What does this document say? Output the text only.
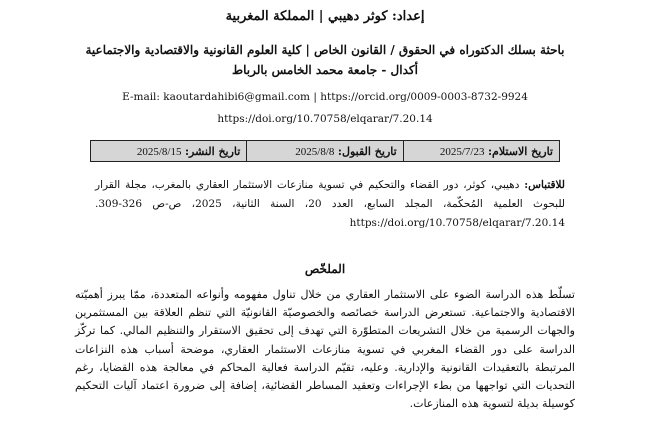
إعداد: كوثر دهيبي | المملكة المغربية
باحثة بسلك الدكتوراه في الحقوق / القانون الخاص | كلية العلوم القانونية والاقتصادية والاجتماعية أكدال - جامعة محمد الخامس بالرباط
E-mail: kaoutardahibi6@gmail.com | https://orcid.org/0009-0003-8732-9924
https://doi.org/10.70758/elqarar/7.20.14
تاريخ الاستلام: 2025/7/23	تاريخ القبول: 2025/8/8	تاريخ النشر: 2025/8/15
للاقتباس: دهيبي، كوثر، دور القضاء والتحكيم في تسوية منازعات الاستثمار العقاري بالمغرب، مجلة القرار للبحوث العلمية المُحكّمة، المجلد السابع، العدد 20، السنة الثانية، 2025، ص-ص 326-309. https://doi.org/10.70758/elqarar/7.20.14
الملخّص
تسلّط هذه الدراسة الضوء على الاستثمار العقاري من خلال تناول مفهومه وأنواعه المتعددة، ممّا يبرز أهميّته الاقتصادية والاجتماعية. تستعرض الدراسة خصائصه والخصوصيّة القانونيّة التي تنظم العلاقة بين المستثمرين والجهات الرسمية من خلال التشريعات المتطوّرة التي تهدف إلى تحقيق الاستقرار والتنظيم المالي. كما تركّز الدراسة على دور القضاء المغربي في تسوية منازعات الاستثمار العقاري، موضحة أسباب هذه النزاعات المرتبطة بالتعقيدات القانونية والإدارية. وعليه، تقيّم الدراسة فعالية المحاكم في معالجة هذه القضايا، رغم التحديات التي تواجهها من بطء الإجراءات وتعقيد المساطر القضائية، إضافة إلى ضرورة اعتماد آليات التحكيم كوسيلة بديلة لتسوية هذه المنازعات.
